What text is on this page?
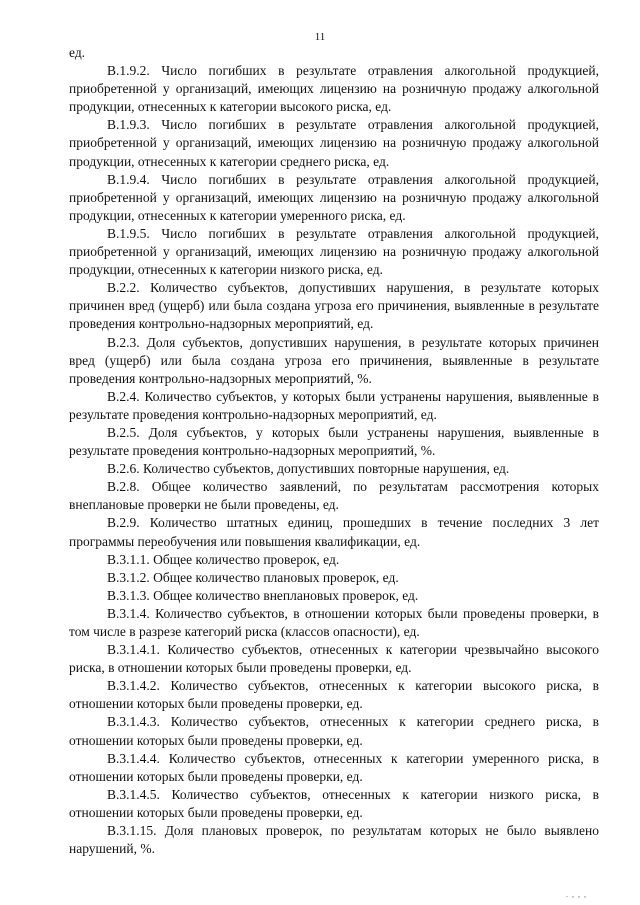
11

ед.

В.1.9.2. Число погибших в результате отравления алкогольной продукцией, приобретенной у организаций, имеющих лицензию на розничную продажу алкогольной продукции, отнесенных к категории высокого риска, ед.

В.1.9.3. Число погибших в результате отравления алкогольной продукцией, приобретенной у организаций, имеющих лицензию на розничную продажу алкогольной продукции, отнесенных к категории среднего риска, ед.

В.1.9.4. Число погибших в результате отравления алкогольной продукцией, приобретенной у организаций, имеющих лицензию на розничную продажу алкогольной продукции, отнесенных к категории умеренного риска, ед.

В.1.9.5. Число погибших в результате отравления алкогольной продукцией, приобретенной у организаций, имеющих лицензию на розничную продажу алкогольной продукции, отнесенных к категории низкого риска, ед.

В.2.2. Количество субъектов, допустивших нарушения, в результате которых причинен вред (ущерб) или была создана угроза его причинения, выявленные в результате проведения контрольно-надзорных мероприятий, ед.

В.2.3. Доля субъектов, допустивших нарушения, в результате которых причинен вред (ущерб) или была создана угроза его причинения, выявленные в результате проведения контрольно-надзорных мероприятий, %.

В.2.4. Количество субъектов, у которых были устранены нарушения, выявленные в результате проведения контрольно-надзорных мероприятий, ед.

В.2.5. Доля субъектов, у которых были устранены нарушения, выявленные в результате проведения контрольно-надзорных мероприятий, %.

В.2.6. Количество субъектов, допустивших повторные нарушения, ед.

В.2.8. Общее количество заявлений, по результатам рассмотрения которых внеплановые проверки не были проведены, ед.

В.2.9. Количество штатных единиц, прошедших в течение последних 3 лет программы переобучения или повышения квалификации, ед.

В.3.1.1. Общее количество проверок, ед.

В.3.1.2. Общее количество плановых проверок, ед.

В.3.1.3. Общее количество внеплановых проверок, ед.

В.3.1.4. Количество субъектов, в отношении которых были проведены проверки, в том числе в разрезе категорий риска (классов опасности), ед.

В.3.1.4.1. Количество субъектов, отнесенных к категории чрезвычайно высокого риска, в отношении которых были проведены проверки, ед.

В.3.1.4.2. Количество субъектов, отнесенных к категории высокого риска, в отношении которых были проведены проверки, ед.

В.3.1.4.3. Количество субъектов, отнесенных к категории среднего риска, в отношении которых были проведены проверки, ед.

В.3.1.4.4. Количество субъектов, отнесенных к категории умеренного риска, в отношении которых были проведены проверки, ед.

В.3.1.4.5. Количество субъектов, отнесенных к категории низкого риска, в отношении которых были проведены проверки, ед.

В.3.1.15. Доля плановых проверок, по результатам которых не было выявлено нарушений, %.

. , , ,
